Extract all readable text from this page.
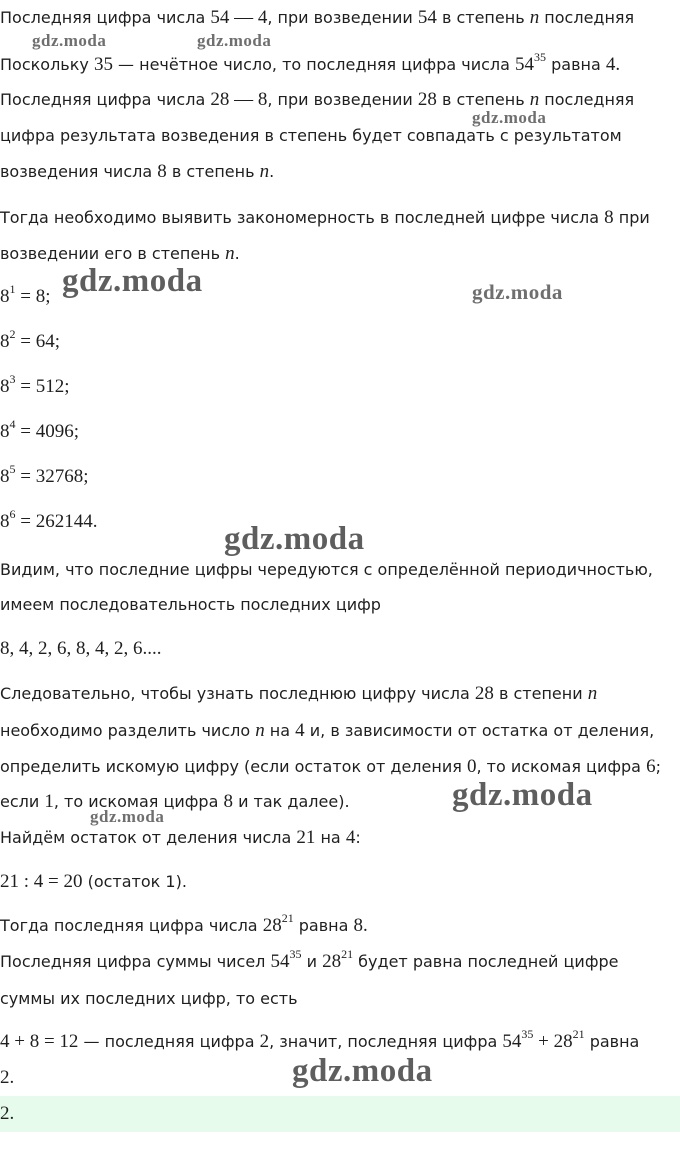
Последняя цифра числа 54 — 4, при возведении 54 в степень n последняя
Поскольку 35 — нечётное число, то последняя цифра числа $54^{35}$ равна 4.
Последняя цифра числа 28 — 8, при возведении 28 в степень n последняя
цифра результата возведения в степень будет совпадать с результатом
возведения числа 8 в степень n.
Тогда необходимо выявить закономерность в последней цифре числа 8 при
возведении его в степень n.
$8^1 = 8$;
$8^2 = 64$;
$8^3 = 512$;
$8^4 = 4096$;
$8^5 = 32768$;
$8^6 = 262144$.
Видим, что последние цифры чередуются с определённой периодичностью,
имеем последовательность последних цифр
8, 4, 2, 6, 8, 4, 2, 6....
Следовательно, чтобы узнать последнюю цифру числа 28 в степени n
необходимо разделить число n на 4 и, в зависимости от остатка от деления,
определить искомую цифру (если остаток от деления 0, то искомая цифра 6;
если 1, то искомая цифра 8 и так далее).
Найдём остаток от деления числа 21 на 4:
21 : 4 = 20 (остаток 1).
Тогда последняя цифра числа $28^{21}$ равна 8.
Последняя цифра суммы чисел $54^{35}$ и $28^{21}$ будет равна последней цифре
суммы их последних цифр, то есть
4 + 8 = 12 — последняя цифра 2, значит, последняя цифра $54^{35} + 28^{21}$ равна
2.
2.
gdz.moda	gdz.moda
gdz.moda
gdz.moda	gdz.moda
gdz.moda
gdz.moda
gdz.moda
gdz.moda
